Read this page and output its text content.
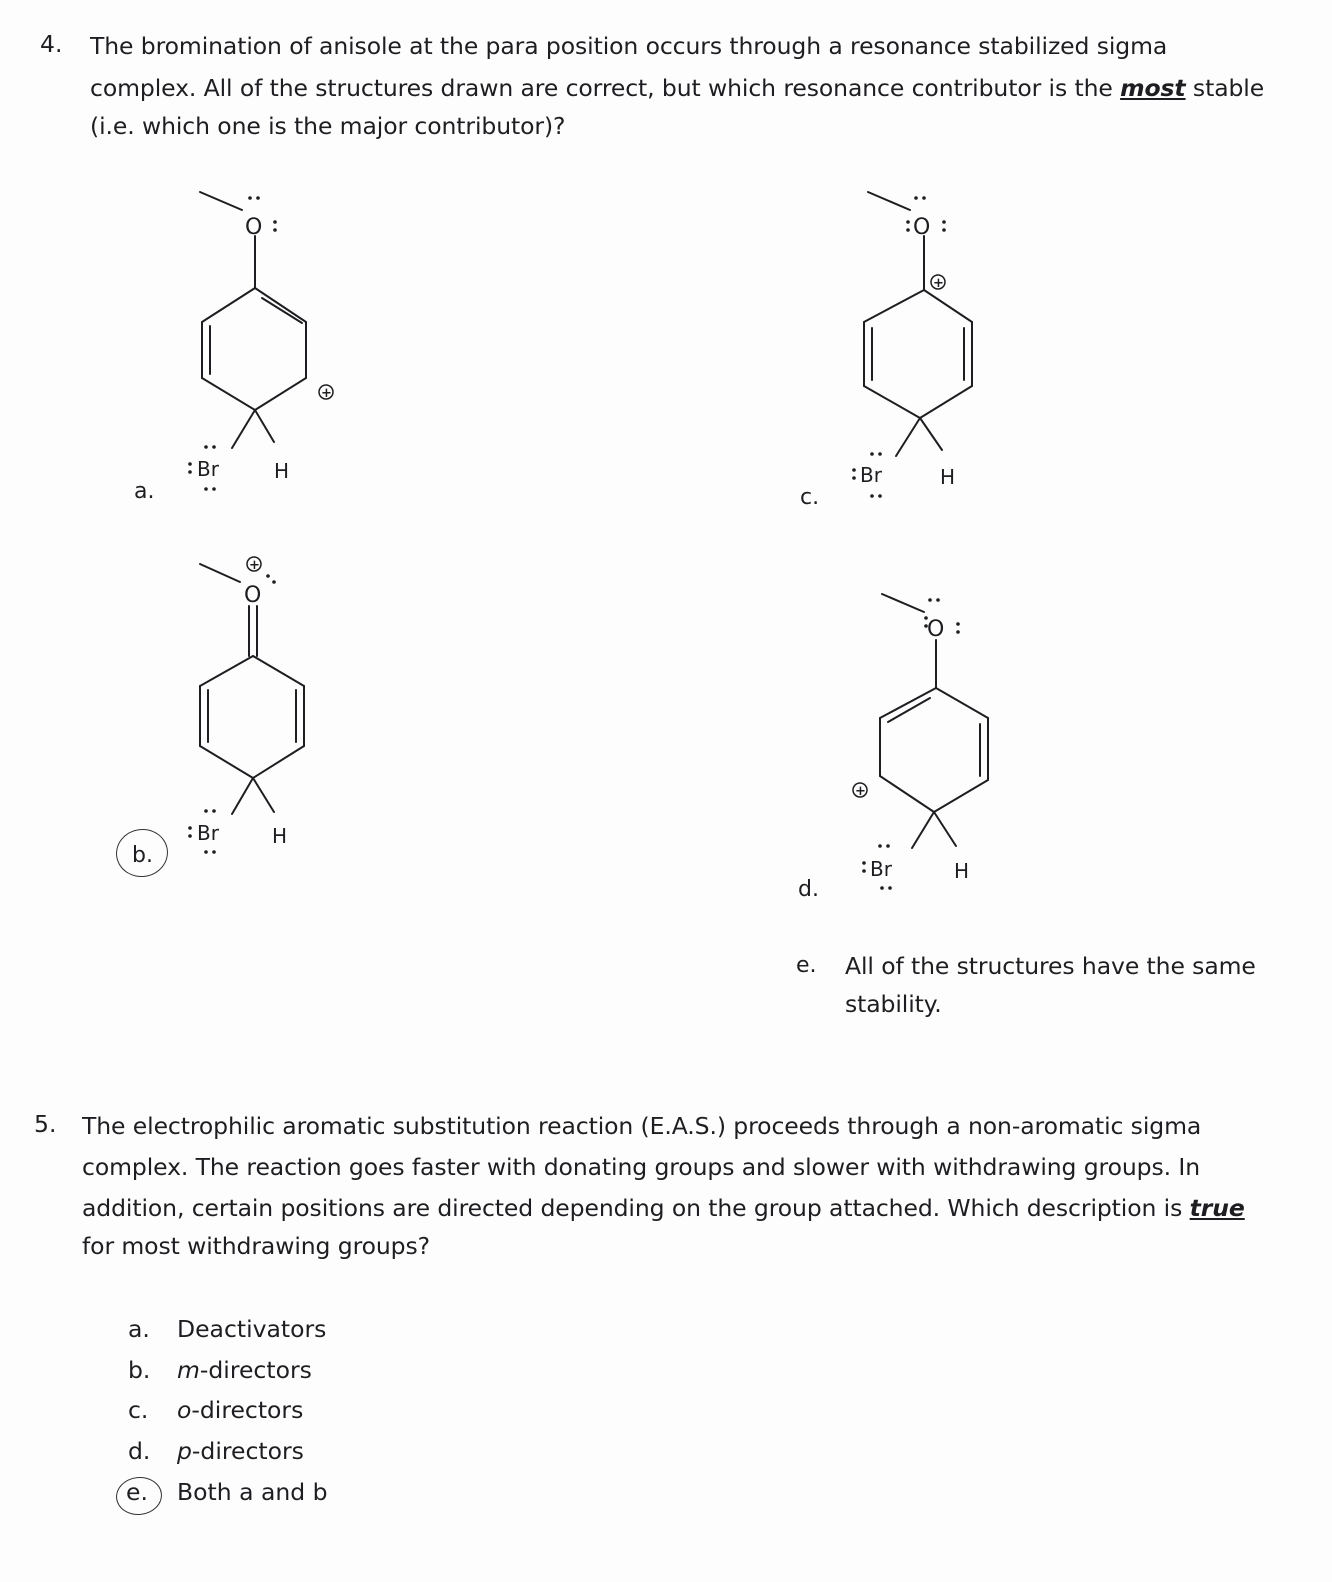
4. The bromination of anisole at the para position occurs through a resonance stabilized sigma
complex. All of the structures drawn are correct, but which resonance contributor is the most stable
(i.e. which one is the major contributor)?
O
+
Br	H
a.
O
+
Br	H
c.
O
+
Br	H
b.
O
+
Br	H
d.
e. All of the structures have the same
stability.
5. The electrophilic aromatic substitution reaction (E.A.S.) proceeds through a non-aromatic sigma
complex. The reaction goes faster with donating groups and slower with withdrawing groups. In
addition, certain positions are directed depending on the group attached. Which description is true
for most withdrawing groups?
a. Deactivators
b. m-directors
c. o-directors
d. p-directors
e. Both a and b
